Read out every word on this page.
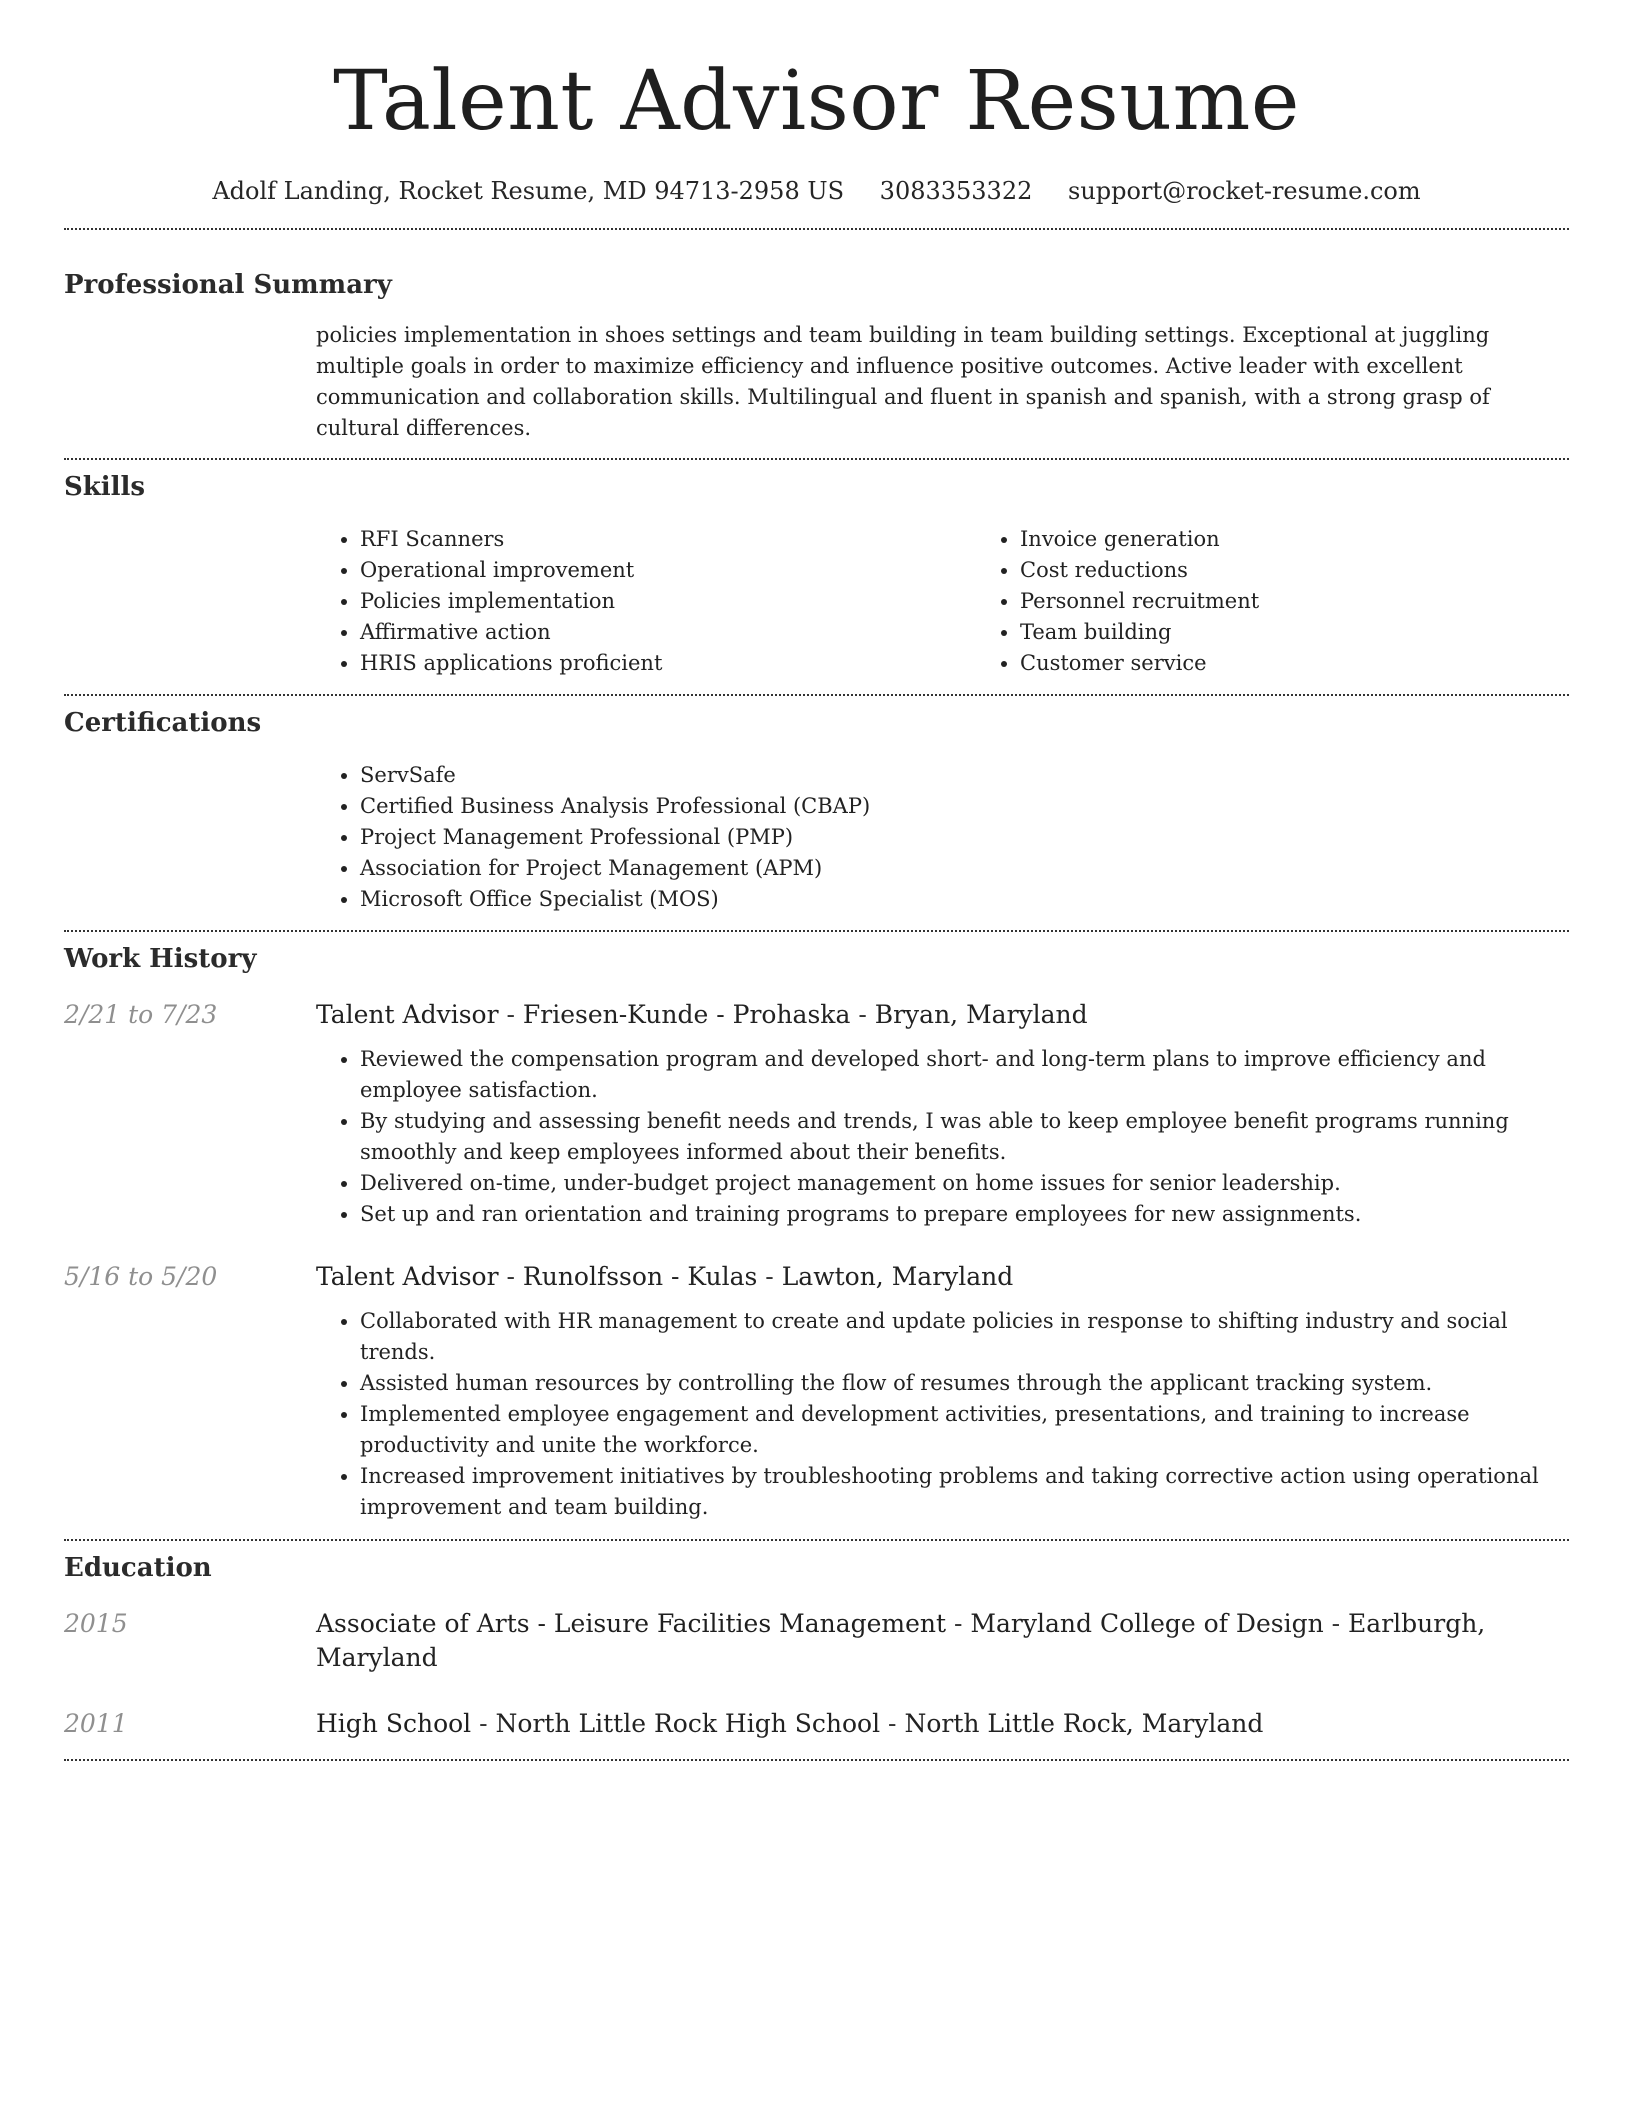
Talent Advisor Resume
Adolf Landing, Rocket Resume, MD 94713-2958 US 3083353322 support@rocket-resume.com
Professional Summary

policies implementation in shoes settings and team building in team building settings. Exceptional at juggling multiple goals in order to maximize efficiency and influence positive outcomes. Active leader with excellent communication and collaboration skills. Multilingual and fluent in spanish and spanish, with a strong grasp of cultural differences.

Skills
• RFI Scanners
• Operational improvement
• Policies implementation
• Affirmative action
• HRIS applications proficient
• Invoice generation
• Cost reductions
• Personnel recruitment
• Team building
• Customer service
Certifications
• ServSafe
• Certified Business Analysis Professional (CBAP)
• Project Management Professional (PMP)
• Association for Project Management (APM)
• Microsoft Office Specialist (MOS)
Work History
2/21 to 7/23	Talent Advisor - Friesen-Kunde - Prohaska - Bryan, Maryland
• Reviewed the compensation program and developed short- and long-term plans to improve efficiency and employee satisfaction.
• By studying and assessing benefit needs and trends, I was able to keep employee benefit programs running smoothly and keep employees informed about their benefits.
• Delivered on-time, under-budget project management on home issues for senior leadership.
• Set up and ran orientation and training programs to prepare employees for new assignments.
5/16 to 5/20	Talent Advisor - Runolfsson - Kulas - Lawton, Maryland
• Collaborated with HR management to create and update policies in response to shifting industry and social trends.
• Assisted human resources by controlling the flow of resumes through the applicant tracking system.
• Implemented employee engagement and development activities, presentations, and training to increase productivity and unite the workforce.
• Increased improvement initiatives by troubleshooting problems and taking corrective action using operational improvement and team building.
Education
2015	Associate of Arts - Leisure Facilities Management - Maryland College of Design - Earlburgh, Maryland
2011	High School - North Little Rock High School - North Little Rock, Maryland
